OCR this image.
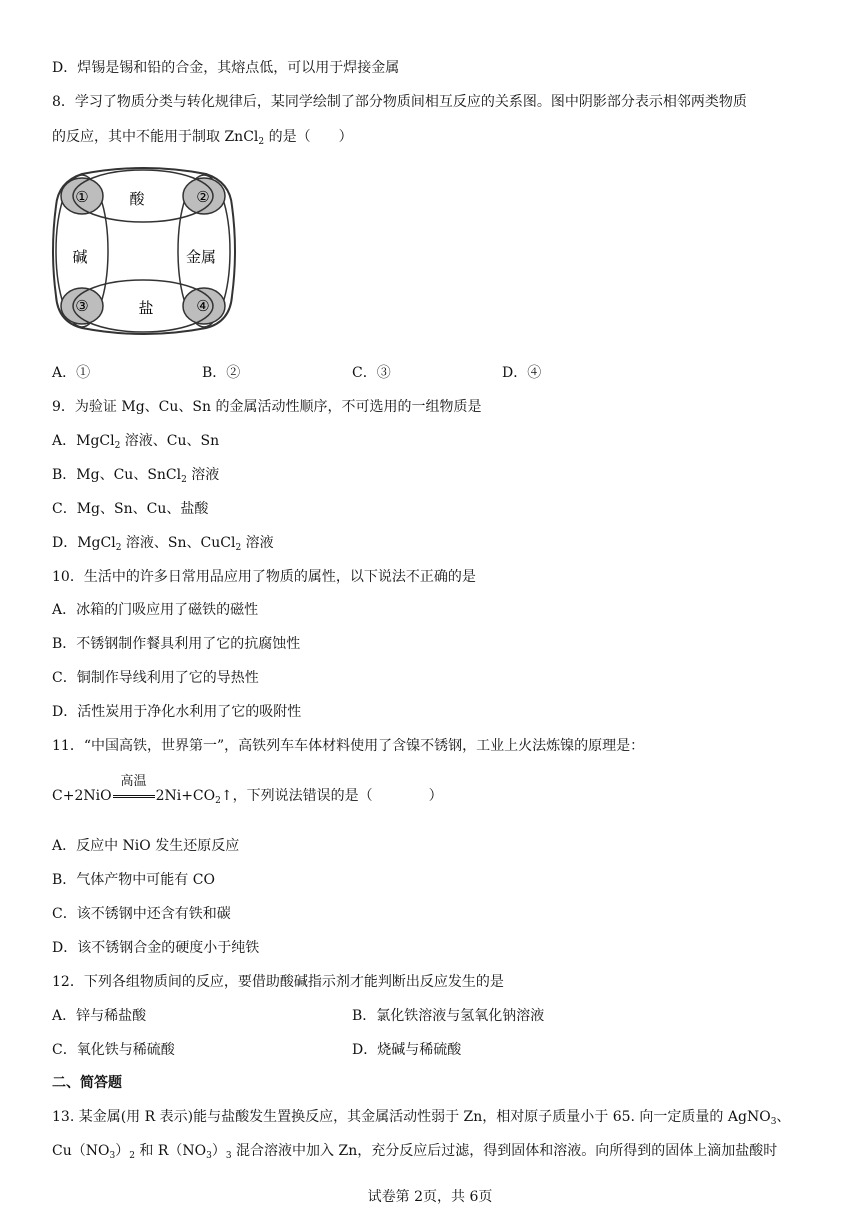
D．焊锡是锡和铅的合金，其熔点低，可以用于焊接金属
8．学习了物质分类与转化规律后，某同学绘制了部分物质间相互反应的关系图。图中阴影部分表示相邻两类物质
的反应，其中不能用于制取 ZnCl$_2$ 的是（　　）
酸
碱	金属
盐
①	②
③	④
A．①	B．②	C．③	D．④
9．为验证 Mg、Cu、Sn 的金属活动性顺序，不可选用的一组物质是
A．MgCl$_2$ 溶液、Cu、Sn
B．Mg、Cu、SnCl$_2$ 溶液
C．Mg、Sn、Cu、盐酸
D．MgCl$_2$ 溶液、Sn、CuCl$_2$ 溶液
10．生活中的许多日常用品应用了物质的属性，以下说法不正确的是
A．冰箱的门吸应用了磁铁的磁性
B．不锈钢制作餐具利用了它的抗腐蚀性
C．铜制作导线利用了它的导热性
D．活性炭用于净化水利用了它的吸附性
11．“中国高铁，世界第一”，高铁列车车体材料使用了含镍不锈钢，工业上火法炼镍的原理是：
C+2NiO
高温
$2Ni+CO_2↑$，下列说法错误的是（　　　　）
A．反应中 NiO 发生还原反应
B．气体产物中可能有 CO
C．该不锈钢中还含有铁和碳
D．该不锈钢合金的硬度小于纯铁
12．下列各组物质间的反应，要借助酸碱指示剂才能判断出反应发生的是
A．锌与稀盐酸	B．氯化铁溶液与氢氧化钠溶液
C．氧化铁与稀硫酸	D．烧碱与稀硫酸
二、简答题
13. 某金属(用 R 表示)能与盐酸发生置换反应，其金属活动性弱于 Zn，相对原子质量小于 65. 向一定质量的 AgNO$_3$、
$Cu(NO_3)_2$ 和 $R(NO_3)_3$ 混合溶液中加入 Zn，充分反应后过滤，得到固体和溶液。向所得到的固体上滴加盐酸时
试卷第 2页，共 6页
